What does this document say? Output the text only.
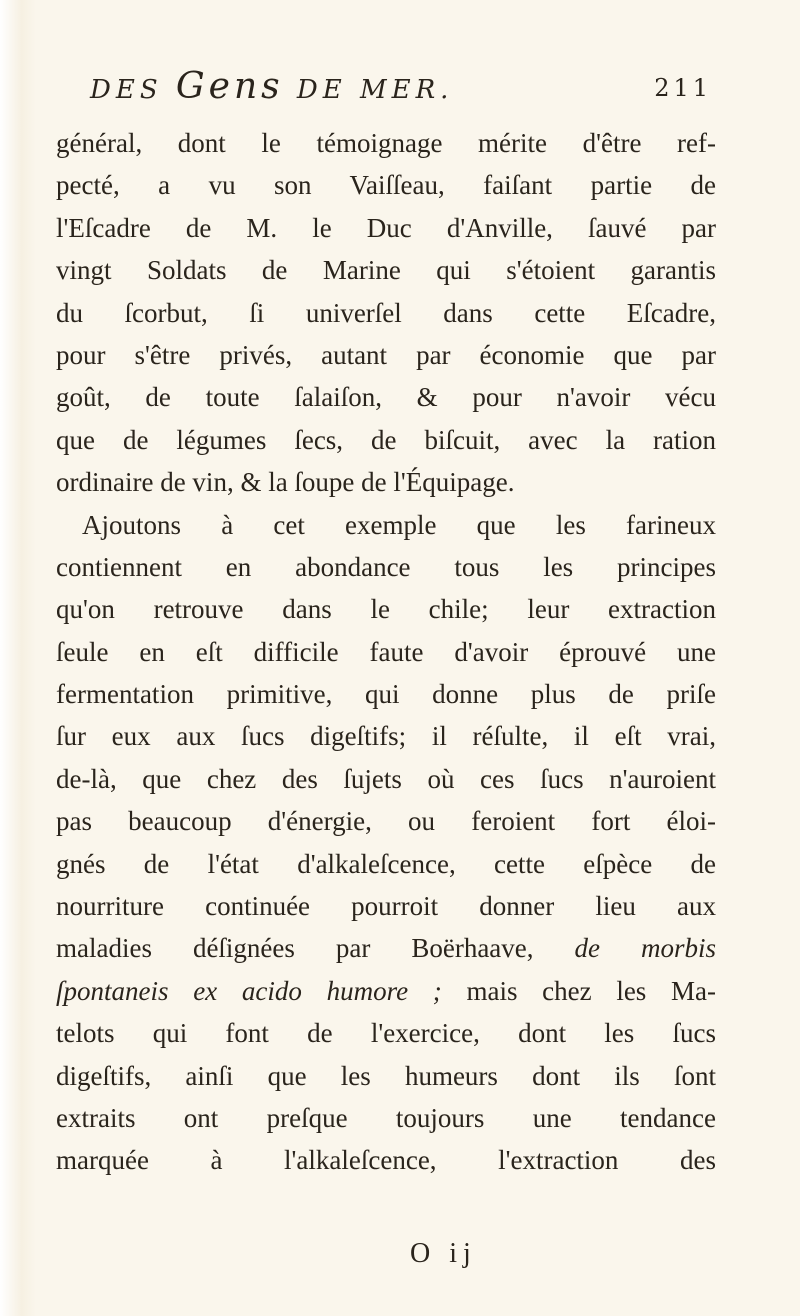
DES Gens DE MER.	211
général, dont le témoignage mérite d'être ref-
pecté, a vu son Vaiſſeau, faiſant partie de
l'Eſcadre de M. le Duc d'Anville, ſauvé par
vingt Soldats de Marine qui s'étoient garantis
du ſcorbut, ſi univerſel dans cette Eſcadre,
pour s'être privés, autant par économie que par
goût, de toute ſalaiſon, & pour n'avoir vécu
que de légumes ſecs, de biſcuit, avec la ration
ordinaire de vin, & la ſoupe de l'Équipage.
Ajoutons à cet exemple que les farineux
contiennent en abondance tous les principes
qu'on retrouve dans le chile; leur extraction
ſeule en eſt difficile faute d'avoir éprouvé une
fermentation primitive, qui donne plus de priſe
ſur eux aux ſucs digeſtifs; il réſulte, il eſt vrai,
de-là, que chez des ſujets où ces ſucs n'auroient
pas beaucoup d'énergie, ou feroient fort éloi-
gnés de l'état d'alkaleſcence, cette eſpèce de
nourriture continuée pourroit donner lieu aux
maladies déſignées par Boërhaave, de morbis
ſpontaneis ex acido humore ; mais chez les Ma-
telots qui font de l'exercice, dont les ſucs
digeſtifs, ainſi que les humeurs dont ils ſont
extraits ont preſque toujours une tendance
marquée à l'alkaleſcence, l'extraction des
O ij
